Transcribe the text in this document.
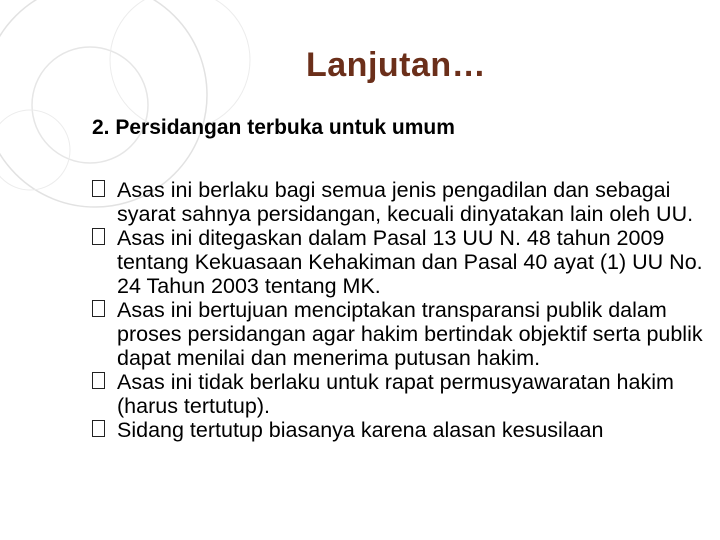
Lanjutan…
2. Persidangan terbuka untuk umum
Asas ini berlaku bagi semua jenis pengadilan dan sebagai syarat sahnya persidangan, kecuali dinyatakan lain oleh UU.
Asas ini ditegaskan dalam Pasal 13 UU N. 48 tahun 2009 tentang Kekuasaan Kehakiman dan Pasal 40 ayat (1) UU No. 24 Tahun 2003 tentang MK.
Asas ini bertujuan menciptakan transparansi publik dalam proses persidangan agar hakim bertindak objektif serta publik dapat menilai dan menerima putusan hakim.
Asas ini tidak berlaku untuk rapat permusyawaratan hakim (harus tertutup).
Sidang tertutup biasanya karena alasan kesusilaan
